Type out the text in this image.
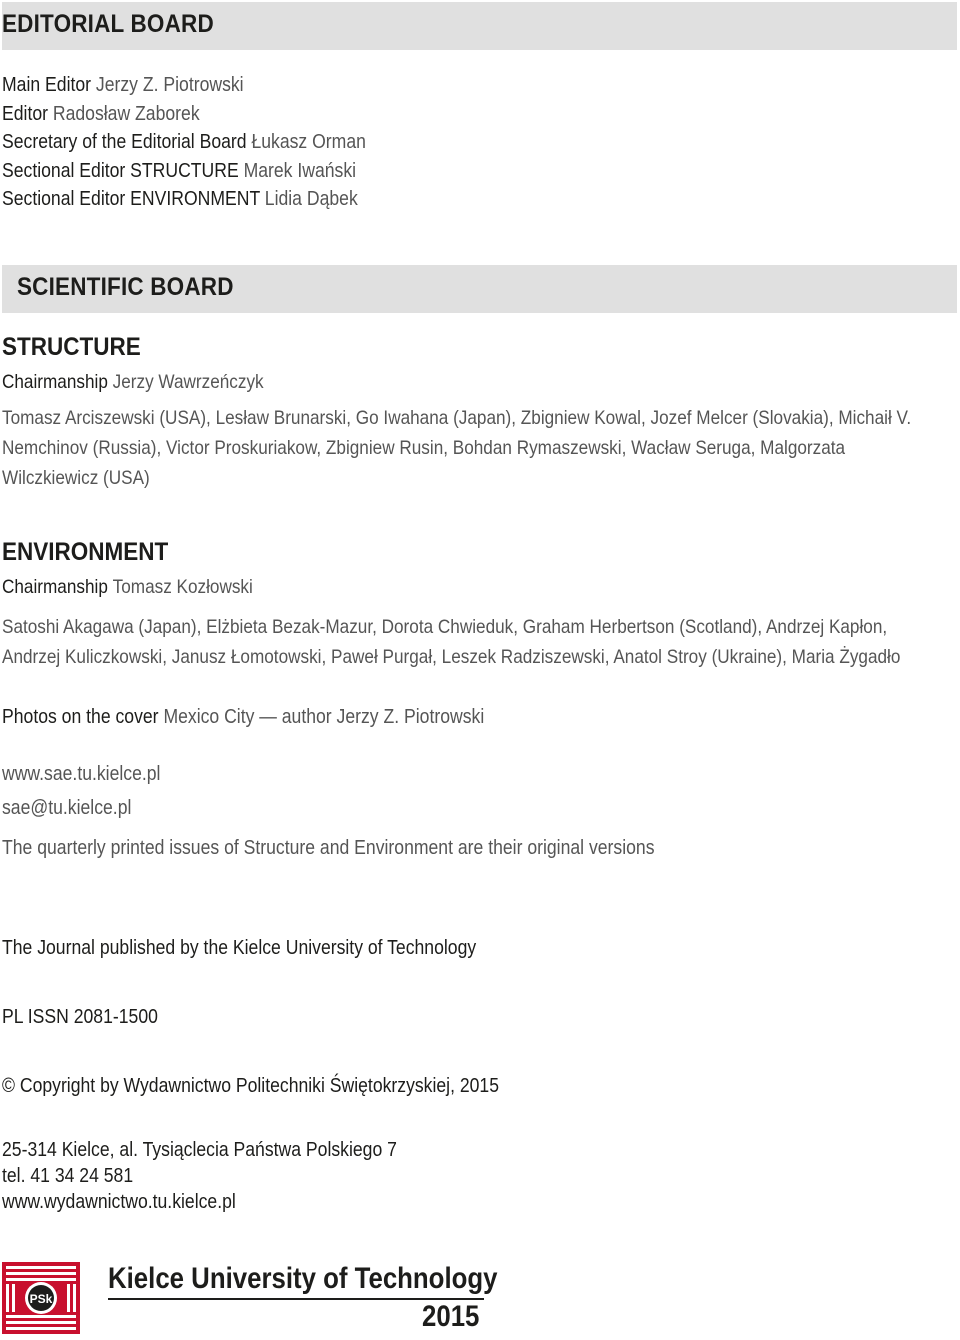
EDITORIAL BOARD
Main Editor Jerzy Z. Piotrowski
Editor Radosław Zaborek
Secretary of the Editorial Board Łukasz Orman
Sectional Editor STRUCTURE Marek Iwański
Sectional Editor ENVIRONMENT Lidia Dąbek
SCIENTIFIC BOARD
STRUCTURE
Chairmanship Jerzy Wawrzeńczyk
Tomasz Arciszewski (USA), Lesław Brunarski, Go Iwahana (Japan), Zbigniew Kowal, Jozef Melcer (Slovakia), Michaił V. Nemchinov (Russia), Victor Proskuriakow, Zbigniew Rusin, Bohdan Rymaszewski, Wacław Seruga, Malgorzata Wilczkiewicz (USA)
ENVIRONMENT
Chairmanship Tomasz Kozłowski
Satoshi Akagawa (Japan), Elżbieta Bezak-Mazur, Dorota Chwieduk, Graham Herbertson (Scotland), Andrzej Kapłon, Andrzej Kuliczkowski, Janusz Łomotowski, Paweł Purgał, Leszek Radziszewski, Anatol Stroy (Ukraine), Maria Żygadło
Photos on the cover Mexico City — author Jerzy Z. Piotrowski
www.sae.tu.kielce.pl
sae@tu.kielce.pl
The quarterly printed issues of Structure and Environment are their original versions
The Journal published by the Kielce University of Technology
PL ISSN 2081-1500
© Copyright by Wydawnictwo Politechniki Świętokrzyskiej, 2015
25-314 Kielce, al. Tysiąclecia Państwa Polskiego 7
tel. 41 34 24 581
www.wydawnictwo.tu.kielce.pl
PSk
Kielce University of Technology
2015
